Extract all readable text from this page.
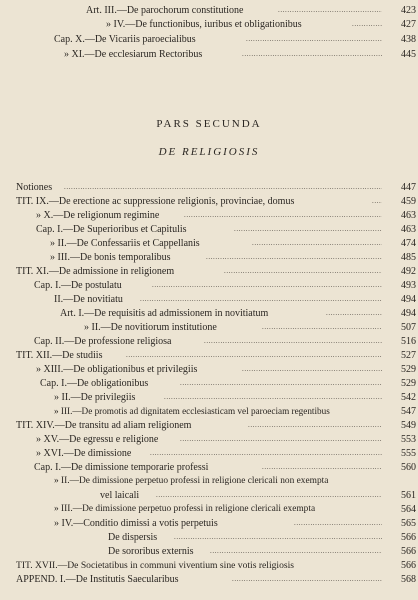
Art. III.—De parochorum constitutione .....	423
» IV.—De functionibus, iuribus et obligationibus .....	427
Cap. X.—De Vicariis paroecialibus .....	438
» XI.—De ecclesiarum Rectoribus .....	445
PARS SECUNDA
DE RELIGIOSIS
Notiones .....	447
TIT. IX.—De erectione ac suppressione religionis, provinciae, domus .....	459
» X.—De religionum regimine .....	463
Cap. I.—De Superioribus et Capitulis .....	463
» II.—De Confessariis et Cappellanis .....	474
» III.—De bonis temporalibus .....	485
TIT. XI.—De admissione in religionem .....	492
Cap. I.—De postulatu .....	493
II.—De novitiatu .....	494
Art. I.—De requisitis ad admissionem in novitiatum .....	494
» II.—De novitiorum institutione .....	507
Cap. II.—De professione religiosa .....	516
TIT. XII.—De studiis .....	527
» XIII.—De obligationibus et privilegiis .....	529
Cap. I.—De obligationibus .....	529
» II.—De privilegiis .....	542
» III.—De promotis ad dignitatem ecclesiasticam vel paroeciam regentibus	547
TIT. XIV.—De transitu ad aliam religionem .....	549
» XV.—De egressu e religione .....	553
» XVI.—De dimissione .....	555
Cap. I.—De dimissione temporarie professi .....	560
» II.—De dimissione perpetuo professi in religione clericali non exempta
vel laicali .....	561
» III.—De dimissione perpetuo professi in religione clericali exempta	564
» IV.—Conditio dimissi a votis perpetuis .....	565
De dispersis .....	566
De sororibus externis .....	566
TIT. XVII.—De Societatibus in communi viventium sine votis religiosis	566
APPEND. I.—De Institutis Saecularibus .....	568
